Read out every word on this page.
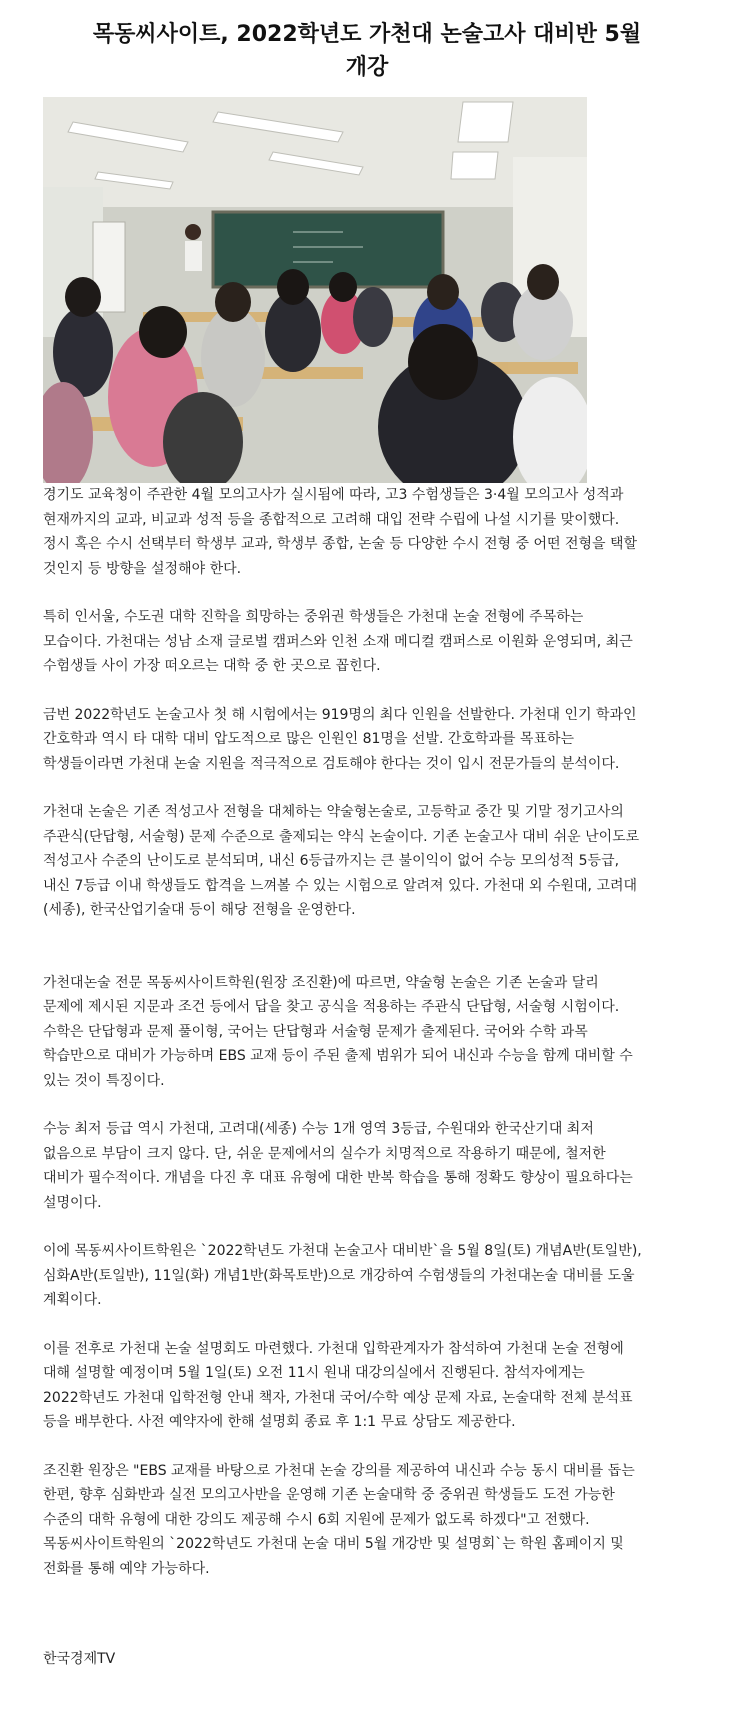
목동씨사이트, 2022학년도 가천대 논술고사 대비반 5월
개강

경기도 교육청이 주관한 4월 모의고사가 실시됨에 따라, 고3 수험생들은 3·4월 모의고사 성적과
현재까지의 교과, 비교과 성적 등을 종합적으로 고려해 대입 전략 수립에 나설 시기를 맞이했다.
정시 혹은 수시 선택부터 학생부 교과, 학생부 종합, 논술 등 다양한 수시 전형 중 어떤 전형을 택할
것인지 등 방향을 설정해야 한다.

특히 인서울, 수도권 대학 진학을 희망하는 중위권 학생들은 가천대 논술 전형에 주목하는
모습이다. 가천대는 성남 소재 글로벌 캠퍼스와 인천 소재 메디컬 캠퍼스로 이원화 운영되며, 최근
수험생들 사이 가장 떠오르는 대학 중 한 곳으로 꼽힌다.

금번 2022학년도 논술고사 첫 해 시험에서는 919명의 최다 인원을 선발한다. 가천대 인기 학과인
간호학과 역시 타 대학 대비 압도적으로 많은 인원인 81명을 선발. 간호학과를 목표하는
학생들이라면 가천대 논술 지원을 적극적으로 검토해야 한다는 것이 입시 전문가들의 분석이다.

가천대 논술은 기존 적성고사 전형을 대체하는 약술형논술로, 고등학교 중간 및 기말 정기고사의
주관식(단답형, 서술형) 문제 수준으로 출제되는 약식 논술이다. 기존 논술고사 대비 쉬운 난이도로
적성고사 수준의 난이도로 분석되며, 내신 6등급까지는 큰 불이익이 없어 수능 모의성적 5등급,
내신 7등급 이내 학생들도 합격을 느껴볼 수 있는 시험으로 알려져 있다. 가천대 외 수원대, 고려대
(세종), 한국산업기술대 등이 해당 전형을 운영한다.

가천대논술 전문 목동씨사이트학원(원장 조진환)에 따르면, 약술형 논술은 기존 논술과 달리
문제에 제시된 지문과 조건 등에서 답을 찾고 공식을 적용하는 주관식 단답형, 서술형 시험이다.
수학은 단답형과 문제 풀이형, 국어는 단답형과 서술형 문제가 출제된다. 국어와 수학 과목
학습만으로 대비가 가능하며 EBS 교재 등이 주된 출제 범위가 되어 내신과 수능을 함께 대비할 수
있는 것이 특징이다.

수능 최저 등급 역시 가천대, 고려대(세종) 수능 1개 영역 3등급, 수원대와 한국산기대 최저
없음으로 부담이 크지 않다. 단, 쉬운 문제에서의 실수가 치명적으로 작용하기 때문에, 철저한
대비가 필수적이다. 개념을 다진 후 대표 유형에 대한 반복 학습을 통해 정확도 향상이 필요하다는
설명이다.

이에 목동씨사이트학원은 `2022학년도 가천대 논술고사 대비반`을 5월 8일(토) 개념A반(토일반),
심화A반(토일반), 11일(화) 개념1반(화목토반)으로 개강하여 수험생들의 가천대논술 대비를 도울
계획이다.

이를 전후로 가천대 논술 설명회도 마련했다. 가천대 입학관계자가 참석하여 가천대 논술 전형에
대해 설명할 예정이며 5월 1일(토) 오전 11시 원내 대강의실에서 진행된다. 참석자에게는
2022학년도 가천대 입학전형 안내 책자, 가천대 국어/수학 예상 문제 자료, 논술대학 전체 분석표
등을 배부한다. 사전 예약자에 한해 설명회 종료 후 1:1 무료 상담도 제공한다.

조진환 원장은 "EBS 교재를 바탕으로 가천대 논술 강의를 제공하여 내신과 수능 동시 대비를 돕는
한편, 향후 심화반과 실전 모의고사반을 운영해 기존 논술대학 중 중위권 학생들도 도전 가능한
수준의 대학 유형에 대한 강의도 제공해 수시 6회 지원에 문제가 없도록 하겠다"고 전했다.
목동씨사이트학원의 `2022학년도 가천대 논술 대비 5월 개강반 및 설명회`는 학원 홈페이지 및
전화를 통해 예약 가능하다.

한국경제TV
